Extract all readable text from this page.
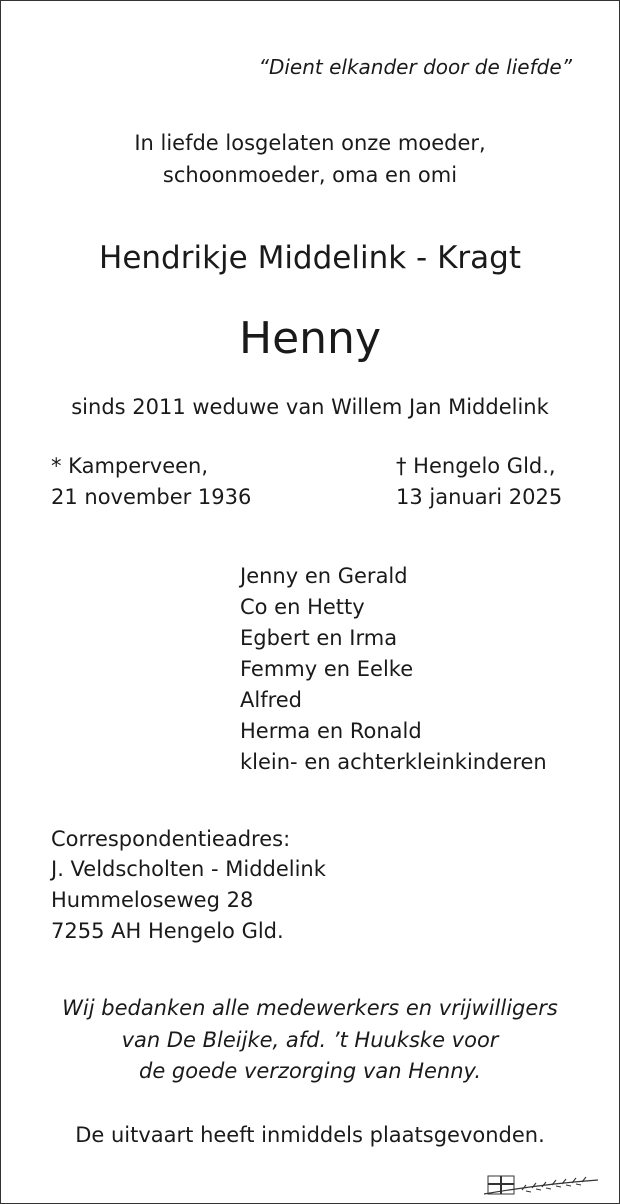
“Dient elkander door de liefde”
In liefde losgelaten onze moeder,
schoonmoeder, oma en omi
Hendrikje Middelink - Kragt
Henny
sinds 2011 weduwe van Willem Jan Middelink
* Kamperveen,
21 november 1936
† Hengelo Gld.,
13 januari 2025
Jenny en Gerald
Co en Hetty
Egbert en Irma
Femmy en Eelke
Alfred
Herma en Ronald
klein- en achterkleinkinderen
Correspondentieadres:
J. Veldscholten - Middelink
Hummeloseweg 28
7255 AH Hengelo Gld.
Wij bedanken alle medewerkers en vrijwilligers
van De Bleijke, afd. ’t Huukske voor
de goede verzorging van Henny.
De uitvaart heeft inmiddels plaatsgevonden.
